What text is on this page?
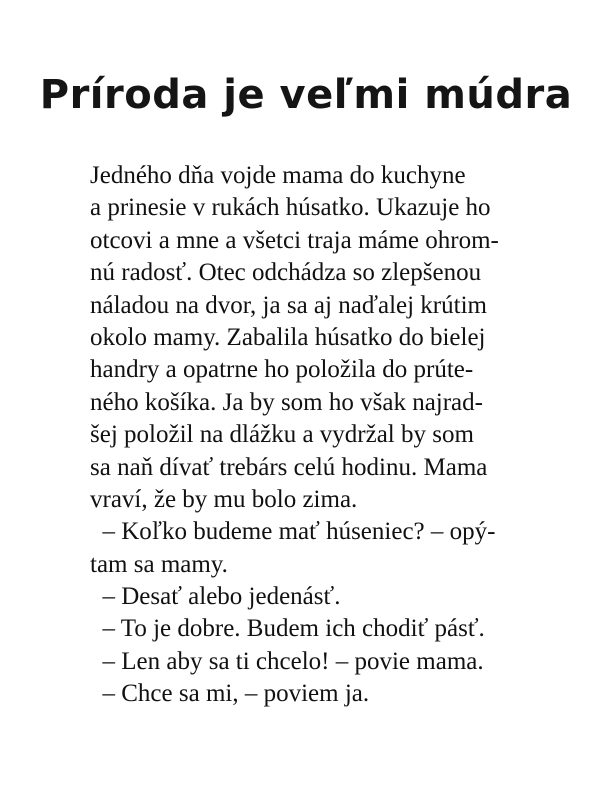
Príroda je veľmi múdra
Jedného dňa vojde mama do kuchyne
a prinesie v rukách húsatko. Ukazuje ho
otcovi a mne a všetci traja máme ohrom-
nú radosť. Otec odchádza so zlepšenou
náladou na dvor, ja sa aj naďalej krútim
okolo mamy. Zabalila húsatko do bielej
handry a opatrne ho položila do prúte-
ného košíka. Ja by som ho však najrad-
šej položil na dlážku a vydržal by som
sa naň dívať trebárs celú hodinu. Mama
vraví, že by mu bolo zima.
– Koľko budeme mať húseniec? – opý-
tam sa mamy.
– Desať alebo jedenásť.
– To je dobre. Budem ich chodiť pásť.
– Len aby sa ti chcelo! – povie mama.
– Chce sa mi, – poviem ja.
